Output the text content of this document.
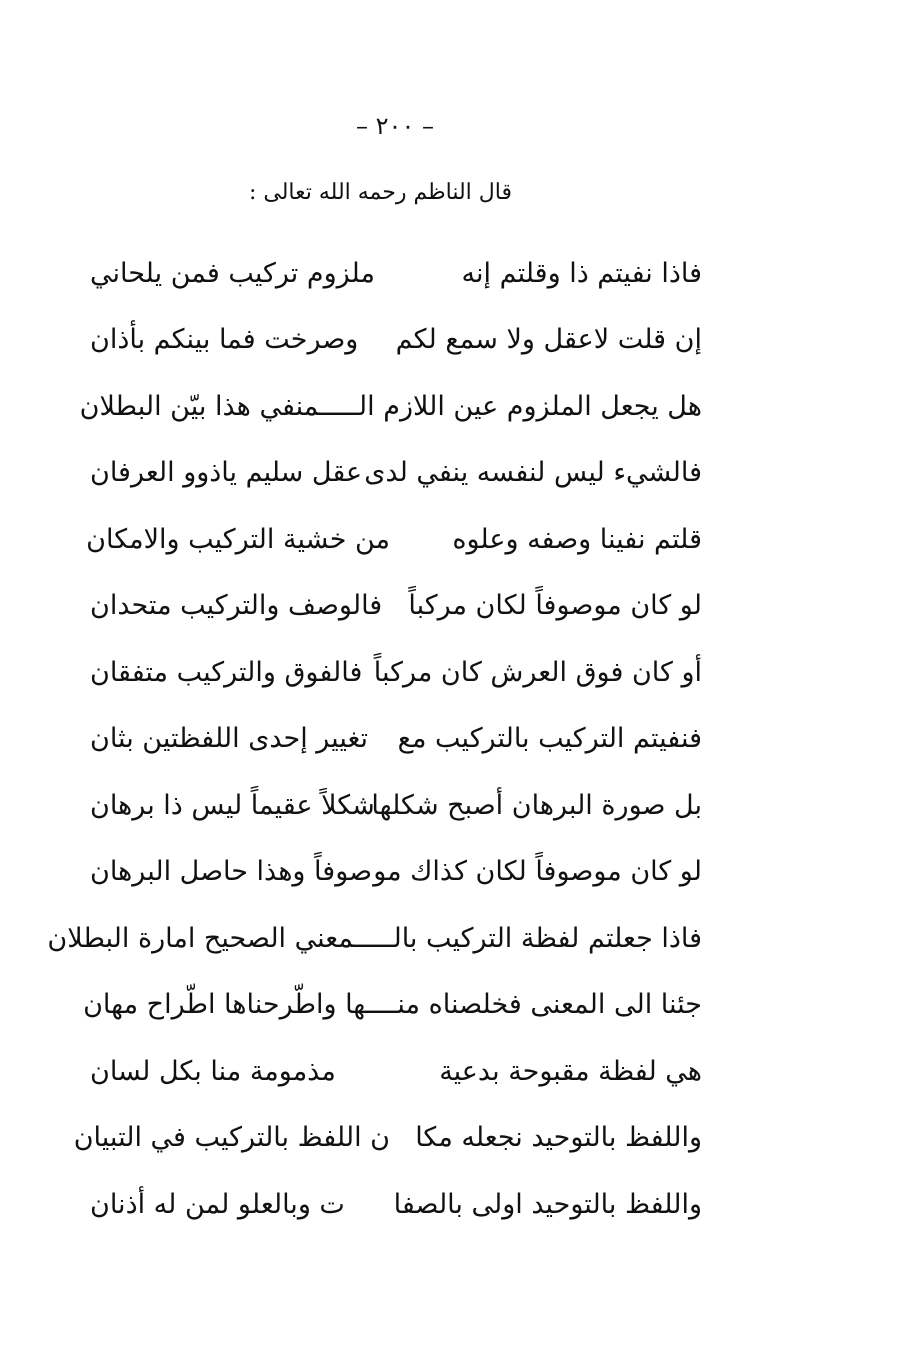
– ٢٠٠ –
قال الناظم رحمه الله تعالى :
فاذا نفيتم ذا وقلتم إنه
ملزوم تركيب فمن يلحاني
إن قلت لاعقل ولا سمع لكم
وصرخت فما بينكم بأذان
هل يجعل الملزوم عين اللازم الـــــمنفي هذا بيّن البطلان
فالشيء ليس لنفسه ينفي لدى
عقل سليم ياذوو العرفان
قلتم نفينا وصفه وعلوه
من خشية التركيب والامكان
لو كان موصوفاً لكان مركباً
فالوصف والتركيب متحدان
أو كان فوق العرش كان مركباً
فالفوق والتركيب متفقان
فنفيتم التركيب بالتركيب مع
تغيير إحدى اللفظتين بثان
بل صورة البرهان أصبح شكلها
شكلاً عقيماً ليس ذا برهان
لو كان موصوفاً لكان كذاك مو
صوفاً وهذا حاصل البرهان
فاذا جعلتم لفظة التركيب بالـــــمعني الصحيح امارة البطلان
جئنا الى المعنى فخلصناه منــــها واطّرحناها اطّراح مهان
هي لفظة مقبوحة بدعية
مذمومة منا بكل لسان
واللفظ بالتوحيد نجعله مكا
ن اللفظ بالتركيب في التبيان
واللفظ بالتوحيد اولى بالصفا
ت وبالعلو لمن له أذنان
